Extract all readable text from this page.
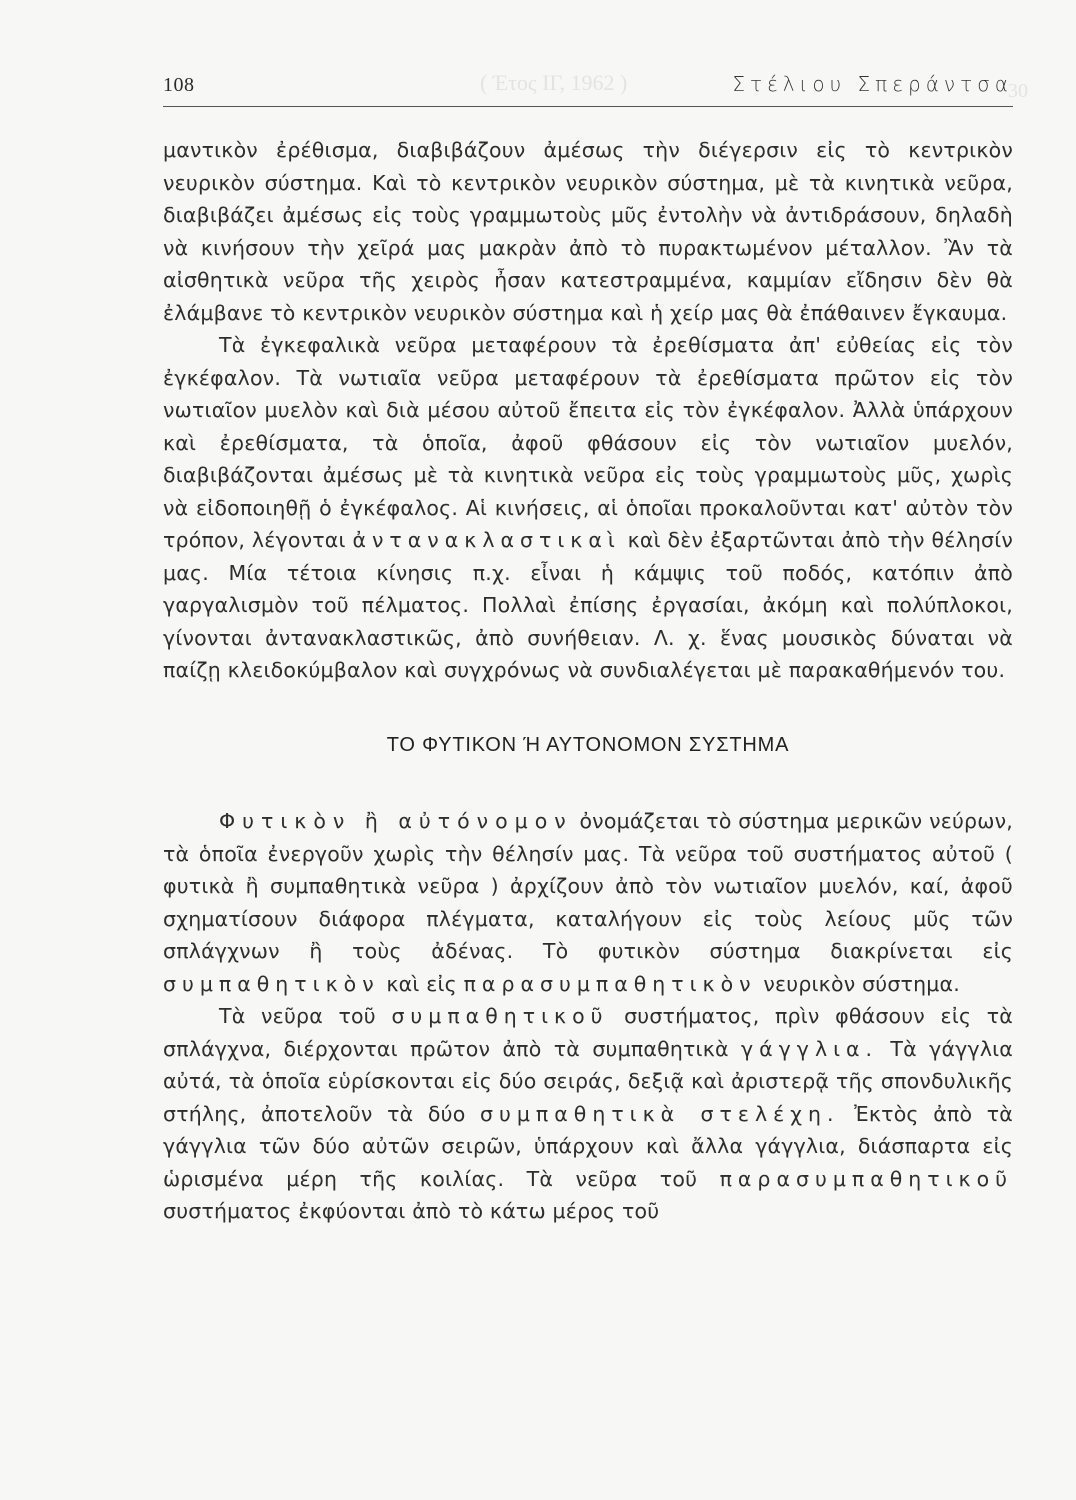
( Έτος ΙΓ, 1962 )	30
108	Στέλιου Σπεράντσα

μαντικὸν ἐρέθισμα, διαβιβάζουν ἀμέσως τὴν διέγερσιν εἰς τὸ κεντρικὸν νευρικὸν σύστημα. Καὶ τὸ κεντρικὸν νευρικὸν σύστημα, μὲ τὰ κινητικὰ νεῦρα, διαβιβάζει ἀμέσως εἰς τοὺς γραμμωτοὺς μῦς ἐντολὴν νὰ ἀντιδράσουν, δηλαδὴ νὰ κινήσουν τὴν χεῖρά μας μακρὰν ἀπὸ τὸ πυρακτωμένον μέταλλον. Ἂν τὰ αἰσθητικὰ νεῦρα τῆς χειρὸς ἦσαν κατεστραμμένα, καμμίαν εἴδησιν δὲν θὰ ἐλάμβανε τὸ κεντρικὸν νευρικὸν σύστημα καὶ ἡ χείρ μας θὰ ἐπάθαινεν ἔγκαυμα.

Τὰ ἐγκεφαλικὰ νεῦρα μεταφέρουν τὰ ἐρεθίσματα ἀπ' εὐθείας εἰς τὸν ἐγκέφαλον. Τὰ νωτιαῖα νεῦρα μεταφέρουν τὰ ἐρεθίσματα πρῶτον εἰς τὸν νωτιαῖον μυελὸν καὶ διὰ μέσου αὐτοῦ ἔπειτα εἰς τὸν ἐγκέφαλον. Ἀλλὰ ὑπάρχουν καὶ ἐρεθίσματα, τὰ ὁποῖα, ἀφοῦ φθάσουν εἰς τὸν νωτιαῖον μυελόν, διαβιβάζονται ἀμέσως μὲ τὰ κινητικὰ νεῦρα εἰς τοὺς γραμμωτοὺς μῦς, χωρὶς νὰ εἰδοποιηθῇ ὁ ἐγκέφαλος. Αἱ κινήσεις, αἱ ὁποῖαι προκαλοῦνται κατ' αὐτὸν τὸν τρόπον, λέγονται ἀντανακλαστικαὶ καὶ δὲν ἐξαρτῶνται ἀπὸ τὴν θέλησίν μας. Μία τέτοια κίνησις π.χ. εἶναι ἡ κάμψις τοῦ ποδός, κατόπιν ἀπὸ γαργαλισμὸν τοῦ πέλματος. Πολλαὶ ἐπίσης ἐργασίαι, ἀκόμη καὶ πολύπλοκοι, γίνονται ἀντανακλαστικῶς, ἀπὸ συνήθειαν. Λ. χ. ἕνας μουσικὸς δύναται νὰ παίζῃ κλειδοκύμβαλον καὶ συγχρόνως νὰ συνδιαλέγεται μὲ παρακαθήμενόν του.

ΤΟ ΦΥΤΙΚΟΝ Ή ΑΥΤΟΝΟΜΟΝ ΣΥΣΤΗΜΑ

Φυτικὸν ἢ αὐτόνομον ὀνομάζεται τὸ σύστημα μερικῶν νεύρων, τὰ ὁποῖα ἐνεργοῦν χωρὶς τὴν θέλησίν μας. Τὰ νεῦρα τοῦ συστήματος αὐτοῦ ( φυτικὰ ἢ συμπαθητικὰ νεῦρα ) ἀρχίζουν ἀπὸ τὸν νωτιαῖον μυελόν, καί, ἀφοῦ σχηματίσουν διάφορα πλέγματα, καταλήγουν εἰς τοὺς λείους μῦς τῶν σπλάγχνων ἢ τοὺς ἀδένας. Τὸ φυτικὸν σύστημα διακρίνεται εἰς συμπαθητικὸν καὶ εἰς παρασυμπαθητικὸν νευρικὸν σύστημα.

Τὰ νεῦρα τοῦ συμπαθητικοῦ συστήματος, πρὶν φθάσουν εἰς τὰ σπλάγχνα, διέρχονται πρῶτον ἀπὸ τὰ συμπαθητικὰ γάγγλια. Τὰ γάγγλια αὐτά, τὰ ὁποῖα εὑρίσκονται εἰς δύο σειράς, δεξιᾷ καὶ ἀριστερᾷ τῆς σπονδυλικῆς στήλης, ἀποτελοῦν τὰ δύο συμπαθητικὰ στελέχη. Ἐκτὸς ἀπὸ τὰ γάγγλια τῶν δύο αὐτῶν σειρῶν, ὑπάρχουν καὶ ἄλλα γάγγλια, διάσπαρτα εἰς ὡρισμένα μέρη τῆς κοιλίας. Τὰ νεῦρα τοῦ παρασυμπαθητικοῦ συστήματος ἐκφύονται ἀπὸ τὸ κάτω μέρος τοῦ
